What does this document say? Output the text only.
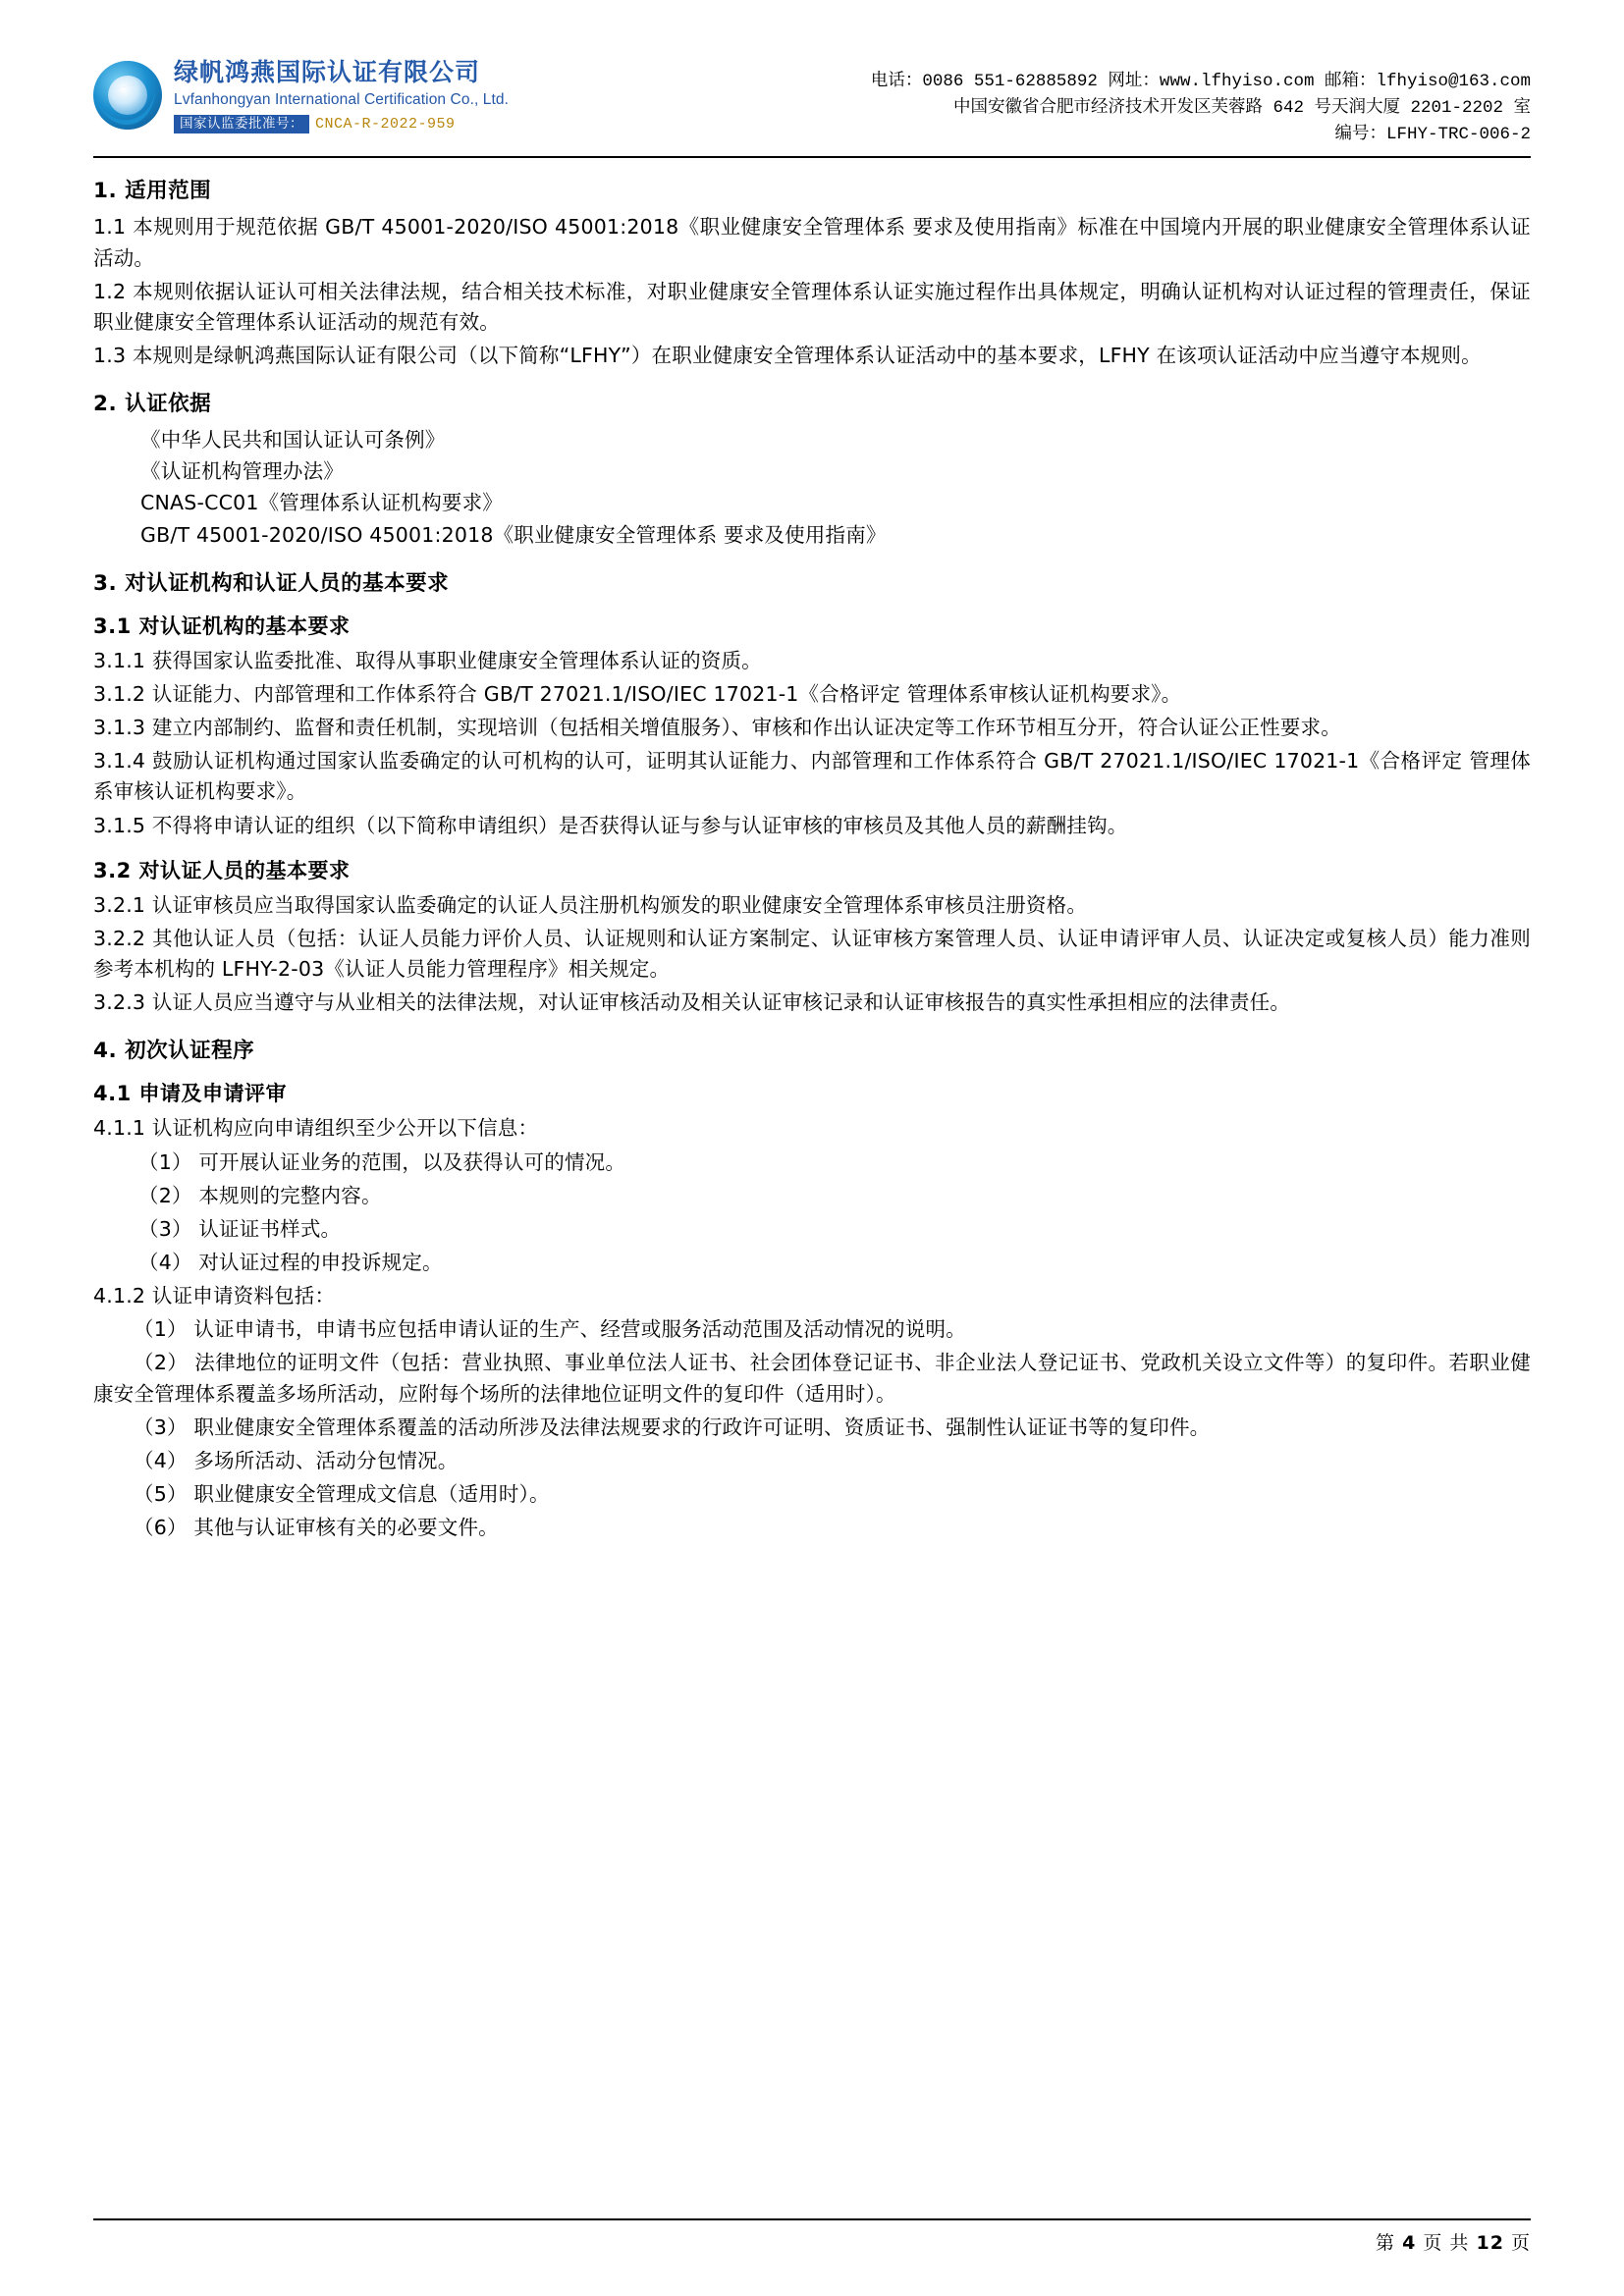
绿帆鸿燕国际认证有限公司
Lvfanhongyan International Certification Co., Ltd.
国家认监委批准号： CNCA-R-2022-959
电话：0086 551-62885892 网址：www.lfhyiso.com 邮箱：lfhyiso@163.com
中国安徽省合肥市经济技术开发区芙蓉路 642 号天润大厦 2201-2202 室
编号：LFHY-TRC-006-2
1. 适用范围

1.1 本规则用于规范依据 GB/T 45001-2020/ISO 45001:2018《职业健康安全管理体系 要求及使用指南》标准在中国境内开展的职业健康安全管理体系认证活动。

1.2 本规则依据认证认可相关法律法规，结合相关技术标准，对职业健康安全管理体系认证实施过程作出具体规定，明确认证机构对认证过程的管理责任，保证职业健康安全管理体系认证活动的规范有效。

1.3 本规则是绿帆鸿燕国际认证有限公司（以下简称“LFHY”）在职业健康安全管理体系认证活动中的基本要求，LFHY 在该项认证活动中应当遵守本规则。

2. 认证依据

《中华人民共和国认证认可条例》

《认证机构管理办法》

CNAS-CC01《管理体系认证机构要求》

GB/T 45001-2020/ISO 45001:2018《职业健康安全管理体系 要求及使用指南》

3. 对认证机构和认证人员的基本要求
3.1 对认证机构的基本要求

3.1.1 获得国家认监委批准、取得从事职业健康安全管理体系认证的资质。

3.1.2 认证能力、内部管理和工作体系符合 GB/T 27021.1/ISO/IEC 17021-1《合格评定 管理体系审核认证机构要求》。

3.1.3 建立内部制约、监督和责任机制，实现培训（包括相关增值服务）、审核和作出认证决定等工作环节相互分开，符合认证公正性要求。

3.1.4 鼓励认证机构通过国家认监委确定的认可机构的认可，证明其认证能力、内部管理和工作体系符合 GB/T 27021.1/ISO/IEC 17021-1《合格评定 管理体系审核认证机构要求》。

3.1.5 不得将申请认证的组织（以下简称申请组织）是否获得认证与参与认证审核的审核员及其他人员的薪酬挂钩。

3.2 对认证人员的基本要求

3.2.1 认证审核员应当取得国家认监委确定的认证人员注册机构颁发的职业健康安全管理体系审核员注册资格。

3.2.2 其他认证人员（包括：认证人员能力评价人员、认证规则和认证方案制定、认证审核方案管理人员、认证申请评审人员、认证决定或复核人员）能力准则参考本机构的 LFHY-2-03《认证人员能力管理程序》相关规定。

3.2.3 认证人员应当遵守与从业相关的法律法规，对认证审核活动及相关认证审核记录和认证审核报告的真实性承担相应的法律责任。

4. 初次认证程序
4.1 申请及申请评审

4.1.1 认证机构应向申请组织至少公开以下信息：

（1） 可开展认证业务的范围，以及获得认可的情况。

（2） 本规则的完整内容。

（3） 认证证书样式。

（4） 对认证过程的申投诉规定。

4.1.2 认证申请资料包括：

（1） 认证申请书，申请书应包括申请认证的生产、经营或服务活动范围及活动情况的说明。

（2） 法律地位的证明文件（包括：营业执照、事业单位法人证书、社会团体登记证书、非企业法人登记证书、党政机关设立文件等）的复印件。若职业健康安全管理体系覆盖多场所活动，应附每个场所的法律地位证明文件的复印件（适用时）。

（3） 职业健康安全管理体系覆盖的活动所涉及法律法规要求的行政许可证明、资质证书、强制性认证证书等的复印件。

（4） 多场所活动、活动分包情况。

（5） 职业健康安全管理成文信息（适用时）。

（6） 其他与认证审核有关的必要文件。

第 4 页 共 12 页
